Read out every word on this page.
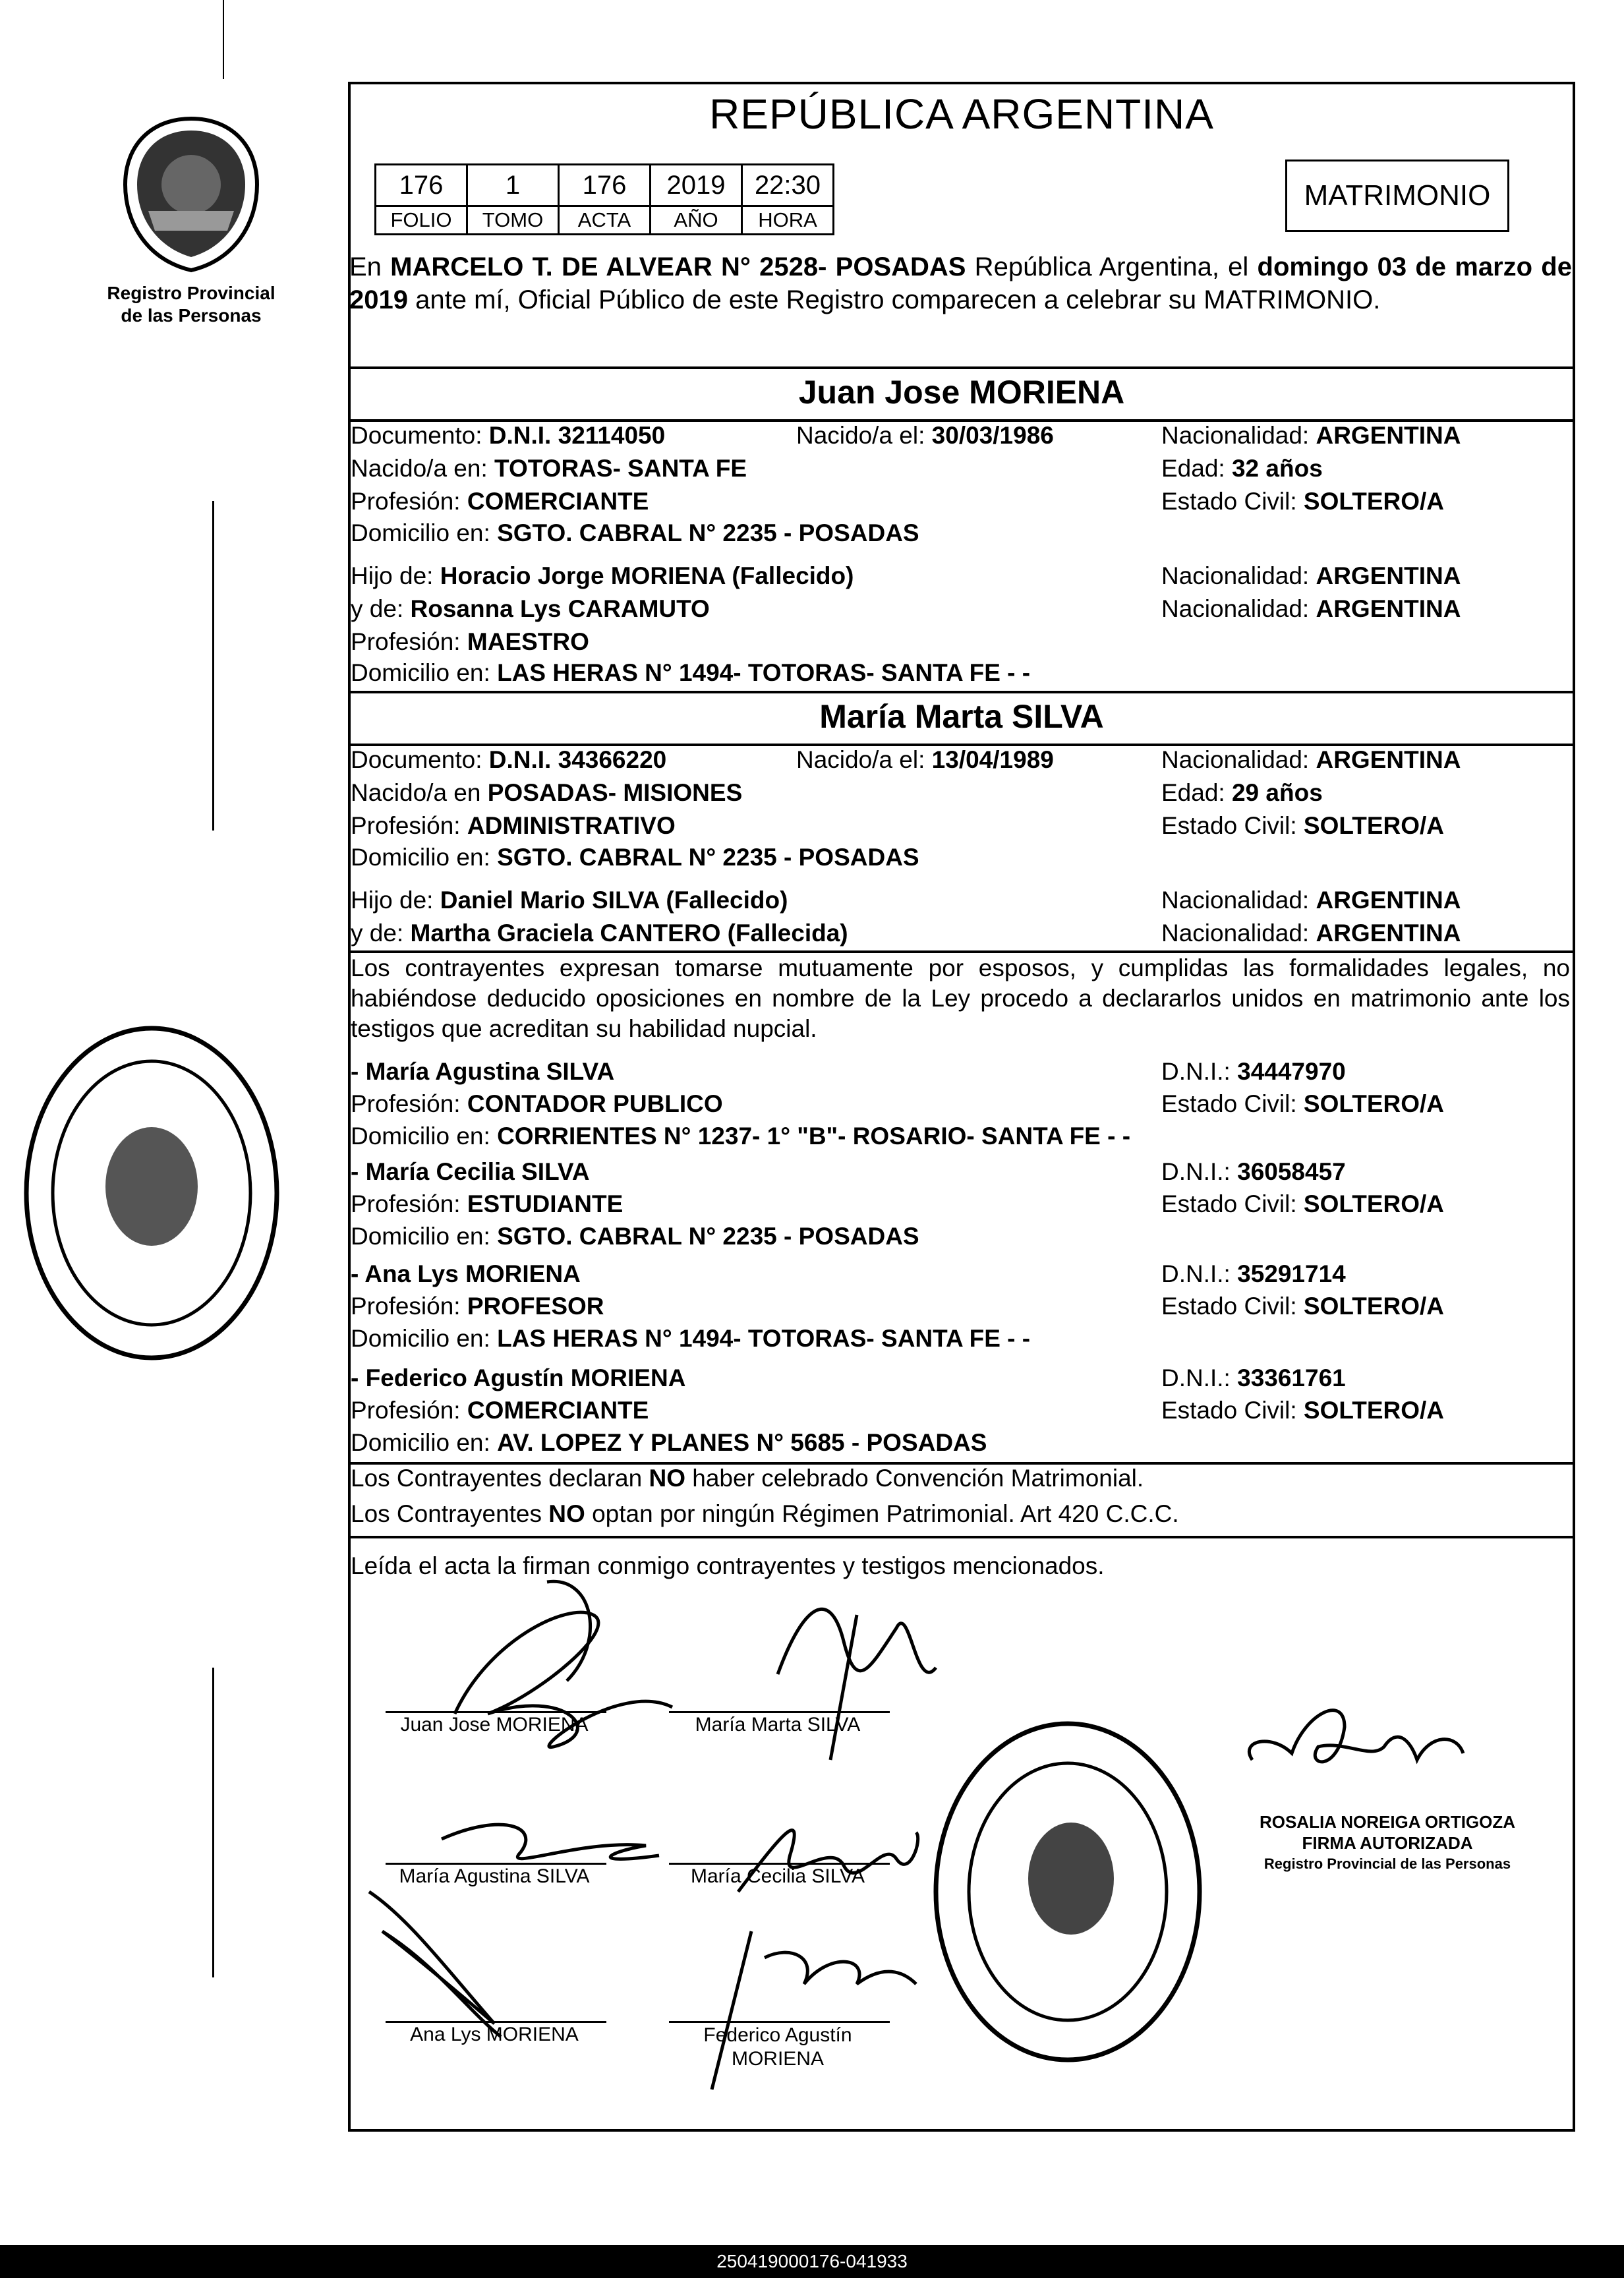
Registro Provincial
de las Personas
REPÚBLICA ARGENTINA
176	1	176	2019	22:30
FOLIO	TOMO	ACTA	AÑO	HORA
MATRIMONIO
En MARCELO T. DE ALVEAR N° 2528- POSADAS República Argentina, el domingo 03 de marzo de 2019 ante mí, Oficial Público de este Registro comparecen a celebrar su MATRIMONIO.
Juan Jose MORIENA
Documento: D.N.I. 32114050	Nacido/a el: 30/03/1986	Nacionalidad: ARGENTINA
Nacido/a en: TOTORAS- SANTA FE	Edad: 32 años
Profesión: COMERCIANTE	Estado Civil: SOLTERO/A
Domicilio en: SGTO. CABRAL N° 2235 - POSADAS
Hijo de: Horacio Jorge MORIENA (Fallecido)	Nacionalidad: ARGENTINA
y de: Rosanna Lys CARAMUTO	Nacionalidad: ARGENTINA
Profesión: MAESTRO
Domicilio en: LAS HERAS N° 1494- TOTORAS- SANTA FE - -
María Marta SILVA
Documento: D.N.I. 34366220	Nacido/a el: 13/04/1989	Nacionalidad: ARGENTINA
Nacido/a en POSADAS- MISIONES	Edad: 29 años
Profesión: ADMINISTRATIVO	Estado Civil: SOLTERO/A
Domicilio en: SGTO. CABRAL N° 2235 - POSADAS
Hijo de: Daniel Mario SILVA (Fallecido)	Nacionalidad: ARGENTINA
y de: Martha Graciela CANTERO (Fallecida)	Nacionalidad: ARGENTINA
Los contrayentes expresan tomarse mutuamente por esposos, y cumplidas las formalidades legales, no habiéndose deducido oposiciones en nombre de la Ley procedo a declararlos unidos en matrimonio ante los testigos que acreditan su habilidad nupcial.
- María Agustina SILVA	D.N.I.: 34447970
Profesión: CONTADOR PUBLICO	Estado Civil: SOLTERO/A
Domicilio en: CORRIENTES N° 1237- 1° "B"- ROSARIO- SANTA FE - -
- María Cecilia SILVA	D.N.I.: 36058457
Profesión: ESTUDIANTE	Estado Civil: SOLTERO/A
Domicilio en: SGTO. CABRAL N° 2235 - POSADAS
- Ana Lys MORIENA	D.N.I.: 35291714
Profesión: PROFESOR	Estado Civil: SOLTERO/A
Domicilio en: LAS HERAS N° 1494- TOTORAS- SANTA FE - -
- Federico Agustín MORIENA	D.N.I.: 33361761
Profesión: COMERCIANTE	Estado Civil: SOLTERO/A
Domicilio en: AV. LOPEZ Y PLANES N° 5685 - POSADAS
Los Contrayentes declaran NO haber celebrado Convención Matrimonial.
Los Contrayentes NO optan por ningún Régimen Patrimonial. Art 420 C.C.C.
Leída el acta la firman conmigo contrayentes y testigos mencionados.
Juan Jose MORIENA	María Marta SILVA
María Agustina SILVA	María Cecilia SILVA
Ana Lys MORIENA	Federico Agustín
MORIENA
ROSALIA NOREIGA ORTIGOZA
FIRMA AUTORIZADA
Registro Provincial de las Personas
250419000176-041933
